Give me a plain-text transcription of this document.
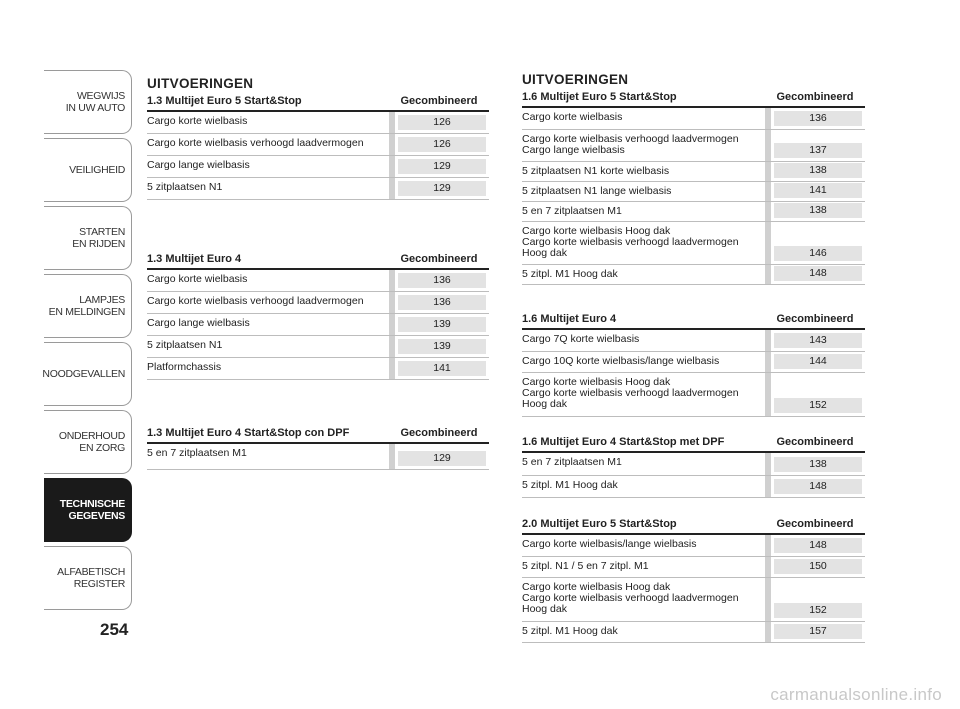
WEGWIJS
IN UW AUTO
VEILIGHEID
STARTEN
EN RIJDEN
LAMPJES
EN MELDINGEN
NOODGEVALLEN
ONDERHOUD
EN ZORG
TECHNISCHE
GEGEVENS
ALFABETISCH
REGISTER
254
UITVOERINGEN
1.3 Multijet Euro 5 Start&Stop	Gecombineerd
Cargo korte wielbasis	126
Cargo korte wielbasis verhoogd laadvermogen	126
Cargo lange wielbasis	129
5 zitplaatsen N1	129
1.3 Multijet Euro 4	Gecombineerd
Cargo korte wielbasis	136
Cargo korte wielbasis verhoogd laadvermogen	136
Cargo lange wielbasis	139
5 zitplaatsen N1	139
Platformchassis	141
1.3 Multijet Euro 4 Start&Stop con DPF	Gecombineerd
5 en 7 zitplaatsen M1	129
UITVOERINGEN
1.6 Multijet Euro 5 Start&Stop	Gecombineerd
Cargo korte wielbasis	136
Cargo korte wielbasis verhoogd laadvermogen
Cargo lange wielbasis	137
5 zitplaatsen N1 korte wielbasis	138
5 zitplaatsen N1 lange wielbasis	141
5 en 7 zitplaatsen M1	138
Cargo korte wielbasis Hoog dak
Cargo korte wielbasis verhoogd laadvermogen
Hoog dak	146
5 zitpl. M1 Hoog dak	148
1.6 Multijet Euro 4	Gecombineerd
Cargo 7Q korte wielbasis	143
Cargo 10Q korte wielbasis/lange wielbasis	144
Cargo korte wielbasis Hoog dak
Cargo korte wielbasis verhoogd laadvermogen
Hoog dak	152
1.6 Multijet Euro 4 Start&Stop met DPF	Gecombineerd
5 en 7 zitplaatsen M1	138
5 zitpl. M1 Hoog dak	148
2.0 Multijet Euro 5 Start&Stop	Gecombineerd
Cargo korte wielbasis/lange wielbasis	148
5 zitpl. N1 / 5 en 7 zitpl. M1	150
Cargo korte wielbasis Hoog dak
Cargo korte wielbasis verhoogd laadvermogen
Hoog dak	152
5 zitpl. M1 Hoog dak	157
carmanualsonline.info
